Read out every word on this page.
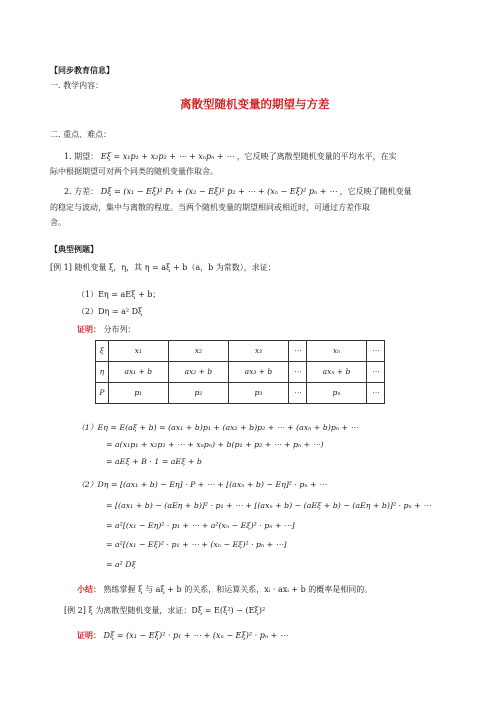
【同步教育信息】
一. 教学内容：
离散型随机变量的期望与方差
二. 重点、难点：
1. 期望： Eξ = x₁p₁ + x₂p₂ + ⋯ + xₙpₙ + ⋯ ，它反映了离散型随机变量的平均水平，在实
际中根据期望可对两个同类的随机变量作取舍。
2. 方差： Dξ = (x₁ − Eξ)² P₁ + (x₂ − Eξ)² p₂ + ⋯ + (xₙ − Eξ)² pₙ + ⋯ ，它反映了随机变量
的稳定与波动，集中与离散的程度。当两个随机变量的期望相同或相近时，可通过方差作取
舍。
【典型例题】
[例 1] 随机变量 ξ，η，其 η = aξ + b（a，b 为常数），求证：
（1）Eη = aEξ + b；
（2）Dη = a² Dξ
证明： 分布列：
ξ	x₁	x₂	x₃	⋯	xₙ	⋯
η	ax₁ + b	ax₂ + b	ax₃ + b	⋯	axₙ + b	⋯
P	p₁	p₂	p₃	⋯	pₙ	⋯
（1）Eη = E(aξ + b) = (ax₁ + b)p₁ + (ax₂ + b)p₂ + ⋯ + (axₙ + b)pₙ + ⋯
= a(x₁p₁ + x₂p₂ + ⋯ + xₙpₙ) + b(p₁ + p₂ + ⋯ + pₙ + ⋯)
= aEξ + B · 1 = aEξ + b
（2）Dη = [(ax₁ + b) − Eη] · P + ⋯ + [(axₙ + b) − Eη]² · pₙ + ⋯
= [(ax₁ + b) − (aEη + b)]² · p₁ + ⋯ + [(axₙ + b) − (aEξ + b) − (aEη + b)]² · pₙ + ⋯
= a²[(x₁ − Eη)² · p₁ + ⋯ + a²(xₙ − Eξ)² · pₙ + ⋯]
= a²[(x₁ − Eξ)² · p₁ + ⋯ + (xₙ − Eξ)² · pₙ + ⋯]
= a² Dξ
小结： 熟练掌握 ξ 与 aξ + b 的关系，和运算关系，xᵢ · axᵢ + b 的概率是相同的。
[例 2] ξ 为离散型随机变量，求证：Dξ = E(ξ²) − (Eξ)²
证明： Dξ = (x₁ − Eξ)² · p₁ + ⋯ + (xₙ − Eξ)² · pₙ + ⋯
